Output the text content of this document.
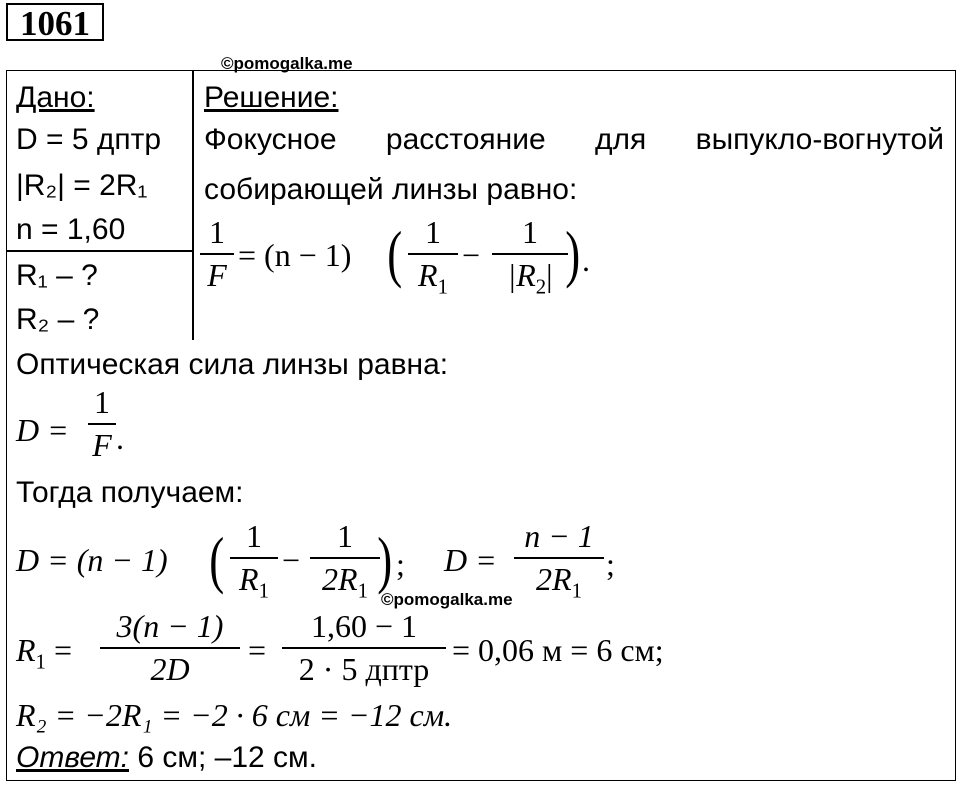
1061
©pomogalka.me
Дано:
D = 5 дптр
|R₂| = 2R₁
n = 1,60
R₁ – ?
R₂ – ?
Решение:
Фокусное расстояние для выпукло-вогнутой
собирающей линзы равно:
1
F
= (n − 1) ( 1
$R_1$
−
1
$|R_2|$ ) .
Оптическая сила линзы равна:
D =
1
F .
Тогда получаем:
D = (n − 1) ( 1
$R_1$
−
1
$2R_1$ ) ; D =
n − 1
$2R_1$
;
©pomogalka.me
$R_1$ =
3(n − 1)
2D
=
1,60 − 1
2 · 5 дптр
= 0,06 м = 6 см;
R₂ = −2R₁ = −2 · 6 см = −12 см.
Ответ: 6 см; –12 см.
